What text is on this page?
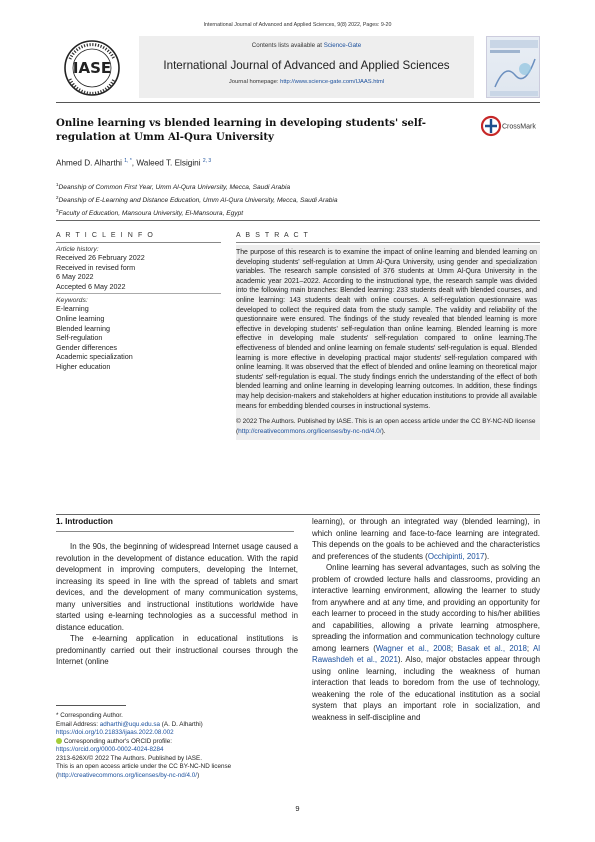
International Journal of Advanced and Applied Sciences, 9(8) 2022, Pages: 9-20
IASE
Contents lists available at Science-Gate
International Journal of Advanced and Applied Sciences
Journal homepage: http://www.science-gate.com/IJAAS.html
Online learning vs blended learning in developing students' self-regulation at Umm Al-Qura University
CrossMark
Ahmed D. Alharthi $^{1, *}$, Waleed T. Elsigini $^{2, 3}$
$^1$Deanship of Common First Year, Umm Al-Qura University, Mecca, Saudi Arabia
$^2$Deanship of E-Learning and Distance Education, Umm Al-Qura University, Mecca, Saudi Arabia
$^3$Faculty of Education, Mansoura University, El-Mansoura, Egypt
A R T I C L E I N F O
Article history:
Received 26 February 2022
Received in revised form
6 May 2022
Accepted 6 May 2022
Keywords:
E-learning
Online learning
Blended learning
Self-regulation
Gender differences
Academic specialization
Higher education
A B S T R A C T
The purpose of this research is to examine the impact of online learning and blended learning on developing students' self-regulation at Umm Al-Qura University, using gender and specialization variables. The research sample consisted of 376 students at Umm Al-Qura University in the academic year 2021–2022. According to the instructional type, the research sample was divided into the following main branches: Blended learning: 233 students dealt with blended courses, and online learning: 143 students dealt with online courses. A self-regulation questionnaire was developed to collect the required data from the study sample. The validity and reliability of the questionnaire were ensured. The findings of the study revealed that blended learning is more effective in developing students' self-regulation than online learning. Blended learning is more effective in developing male students' self-regulation compared to online learning.The effectiveness of blended and online learning on female students' self-regulation is equal. Blended learning is more effective in developing practical major students' self-regulation compared with online learning. It was observed that the effect of blended and online learning on theoretical major students' self-regulation is equal. The study findings enrich the understanding of the effect of both blended learning and online learning in developing learning outcomes. In addition, these findings may help decision-makers and stakeholders at higher education institutions to provide all available means for embedding blended courses in instructional systems.
© 2022 The Authors. Published by IASE. This is an open access article under the CC BY-NC-ND license (http://creativecommons.org/licenses/by-nc-nd/4.0/).
1. Introduction

In the 90s, the beginning of widespread Internet usage caused a revolution in the development of distance education. With the rapid development in improving computers, developing the Internet, increasing its speed in line with the spread of tablets and smart devices, and the development of many communication systems, many universities and instructional institutions worldwide have started using e-learning technologies as a successful method in distance education.

The e-learning application in educational institutions is predominantly carried out their instructional courses through the Internet (online

learning), or through an integrated way (blended learning), in which online learning and face-to-face learning are integrated. This depends on the goals to be achieved and the characteristics and preferences of the students (Occhipinti, 2017).

Online learning has several advantages, such as solving the problem of crowded lecture halls and classrooms, providing an interactive learning environment, allowing the learner to study from anywhere and at any time, and providing an opportunity for each learner to proceed in the study according to his/her abilities and capabilities, allowing a private learning atmosphere, spreading the information and communication technology culture among learners (Wagner et al., 2008; Basak et al., 2018; Al Rawashdeh et al., 2021). Also, major obstacles appear through using online learning, including the weakness of human interaction that leads to boredom from the use of technology, weakening the role of the educational institution as a social system that plays an important role in socialization, and weakness in self-discipline and

* Corresponding Author.
Email Address: adharthi@uqu.edu.sa (A. D. Alharthi)
https://doi.org/10.21833/ijaas.2022.08.002
Corresponding author's ORCID profile:
https://orcid.org/0000-0002-4024-8284
2313-626X/© 2022 The Authors. Published by IASE.
This is an open access article under the CC BY-NC-ND license
(http://creativecommons.org/licenses/by-nc-nd/4.0/)
9
